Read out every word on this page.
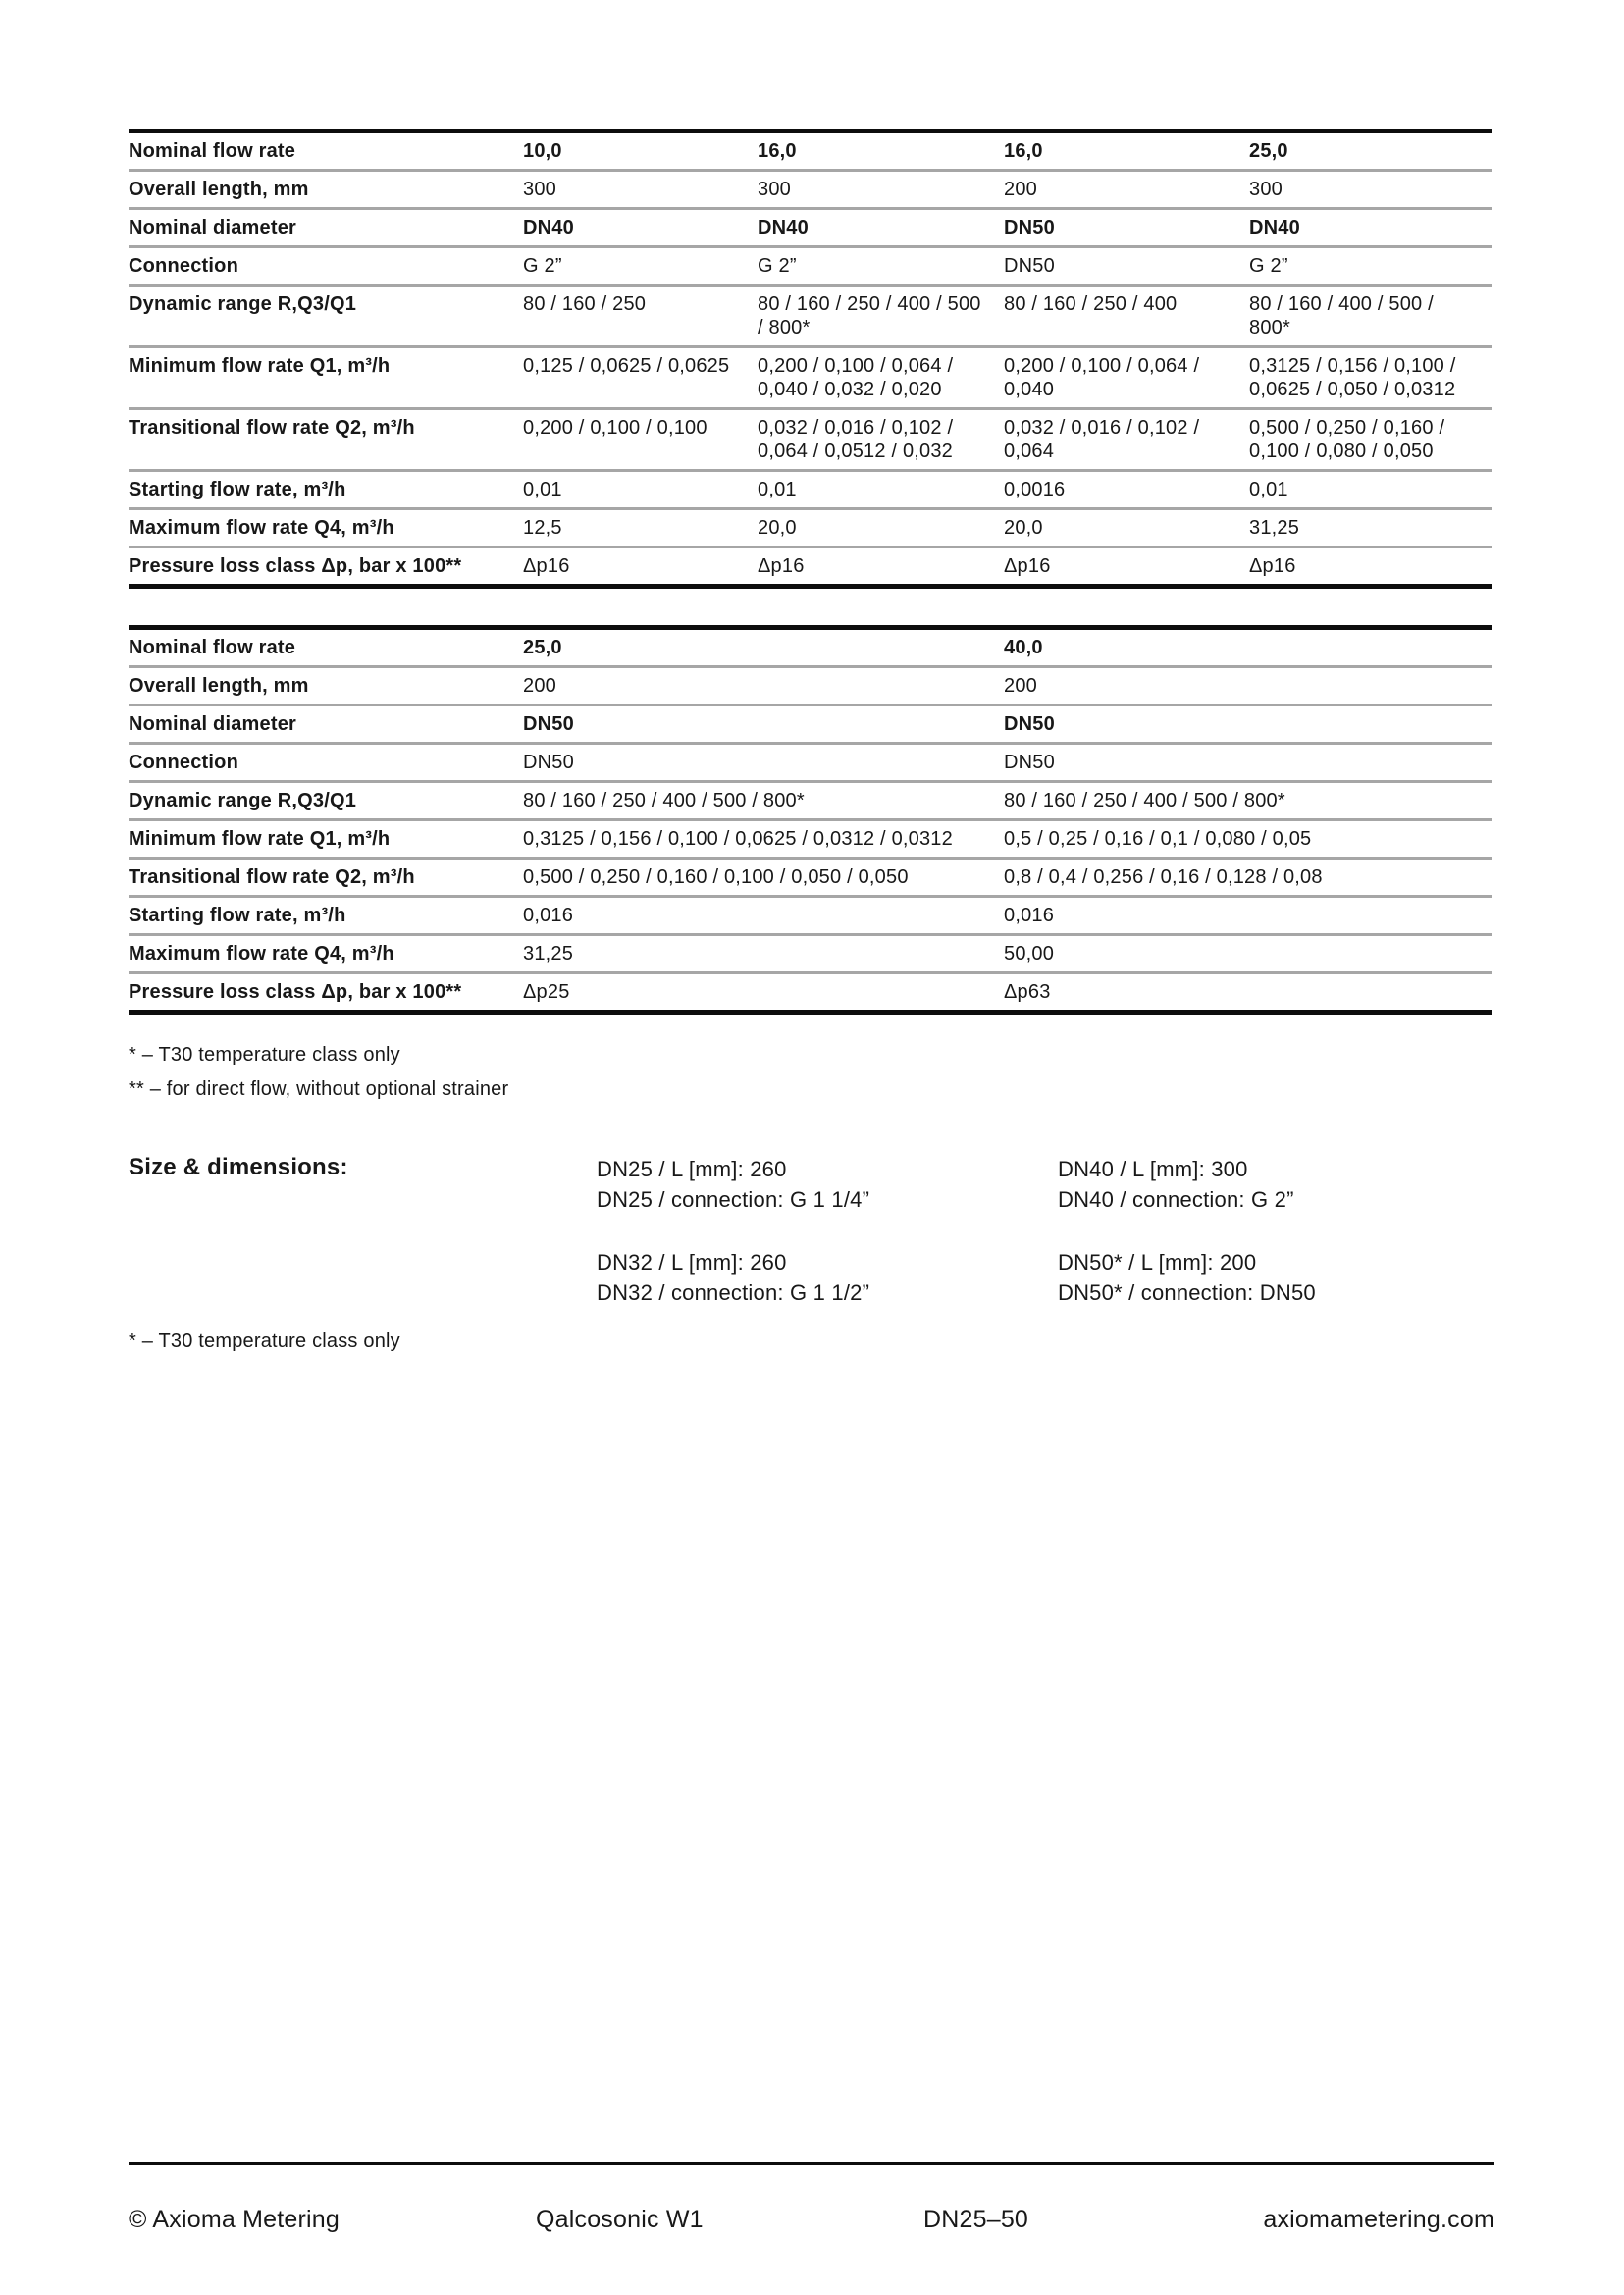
Nominal flow rate	10,0	16,0	16,0	25,0
Overall length, mm	300	300	200	300
Nominal diameter	DN40	DN40	DN50	DN40
Connection	G 2”	G 2”	DN50	G 2”
Dynamic range R,Q3/Q1	80 / 160 / 250	80 / 160 / 250 / 400 / 500 / 800*	80 / 160 / 250 / 400	80 / 160 / 400 / 500 / 800*
Minimum flow rate Q1, m³/h	0,125 / 0,0625 / 0,0625	0,200 / 0,100 / 0,064 / 0,040 / 0,032 / 0,020	0,200 / 0,100 / 0,064 / 0,040	0,3125 / 0,156 / 0,100 / 0,0625 / 0,050 / 0,0312
Transitional flow rate Q2, m³/h	0,200 / 0,100 / 0,100	0,032 / 0,016 / 0,102 / 0,064 / 0,0512 / 0,032	0,032 / 0,016 / 0,102 / 0,064	0,500 / 0,250 / 0,160 / 0,100 / 0,080 / 0,050
Starting flow rate, m³/h	0,01	0,01	0,0016	0,01
Maximum flow rate Q4, m³/h	12,5	20,0	20,0	31,25
Pressure loss class Δp, bar x 100**	Δp16	Δp16	Δp16	Δp16
Nominal flow rate	25,0	40,0
Overall length, mm	200	200
Nominal diameter	DN50	DN50
Connection	DN50	DN50
Dynamic range R,Q3/Q1	80 / 160 / 250 / 400 / 500 / 800*	80 / 160 / 250 / 400 / 500 / 800*
Minimum flow rate Q1, m³/h	0,3125 / 0,156 / 0,100 / 0,0625 / 0,0312 / 0,0312	0,5 / 0,25 / 0,16 / 0,1 / 0,080 / 0,05
Transitional flow rate Q2, m³/h	0,500 / 0,250 / 0,160 / 0,100 / 0,050 / 0,050	0,8 / 0,4 / 0,256 / 0,16 / 0,128 / 0,08
Starting flow rate, m³/h	0,016	0,016
Maximum flow rate Q4, m³/h	31,25	50,00
Pressure loss class Δp, bar x 100**	Δp25	Δp63
* – T30 temperature class only
** – for direct flow, without optional strainer
Size & dimensions:	DN25 / L [mm]: 260
DN25 / connection: G 1 1/4”
DN32 / L [mm]: 260
DN32 / connection: G 1 1/2”
DN40 / L [mm]: 300
DN40 / connection: G 2”
DN50* / L [mm]: 200
DN50* / connection: DN50
* – T30 temperature class only
© Axioma Metering	Qalcosonic W1	DN25–50	axiomametering.com
